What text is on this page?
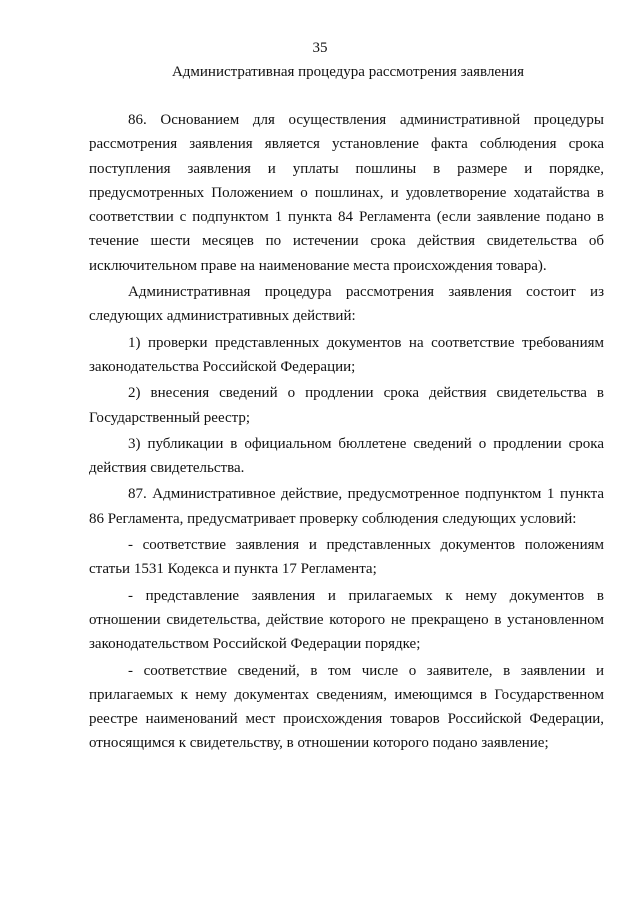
35
Административная процедура рассмотрения заявления

86. Основанием для осуществления административной процедуры рассмотрения заявления является установление факта соблюдения срока поступления заявления и уплаты пошлины в размере и порядке, предусмотренных Положением о пошлинах, и удовлетворение ходатайства в соответствии с подпунктом 1 пункта 84 Регламента (если заявление подано в течение шести месяцев по истечении срока действия свидетельства об исключительном праве на наименование места происхождения товара).

Административная процедура рассмотрения заявления состоит из следующих административных действий:

1) проверки представленных документов на соответствие требованиям законодательства Российской Федерации;

2) внесения сведений о продлении срока действия свидетельства в Государственный реестр;

3) публикации в официальном бюллетене сведений о продлении срока действия свидетельства.

87. Административное действие, предусмотренное подпунктом 1 пункта 86 Регламента, предусматривает проверку соблюдения следующих условий:

- соответствие заявления и представленных документов положениям статьи 1531 Кодекса и пункта 17 Регламента;

- представление заявления и прилагаемых к нему документов в отношении свидетельства, действие которого не прекращено в установленном законодательством Российской Федерации порядке;

- соответствие сведений, в том числе о заявителе, в заявлении и прилагаемых к нему документах сведениям, имеющимся в Государственном реестре наименований мест происхождения товаров Российской Федерации, относящимся к свидетельству, в отношении которого подано заявление;
